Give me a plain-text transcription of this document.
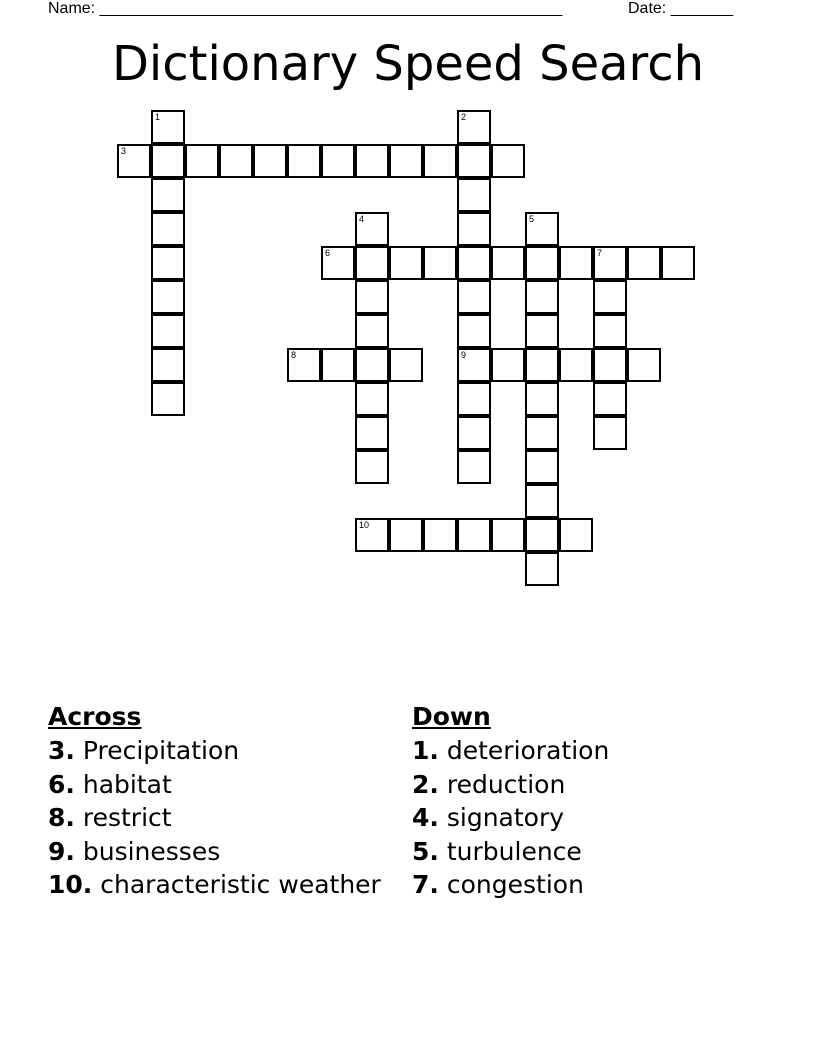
Name: ____________________________________________________	Date: _______
Dictionary Speed Search
1	2
9
3
4	5
6	7
8
10
Across
3. Precipitation
6. habitat
8. restrict
9. businesses
10. characteristic weather
Down
1. deterioration
2. reduction
4. signatory
5. turbulence
7. congestion
